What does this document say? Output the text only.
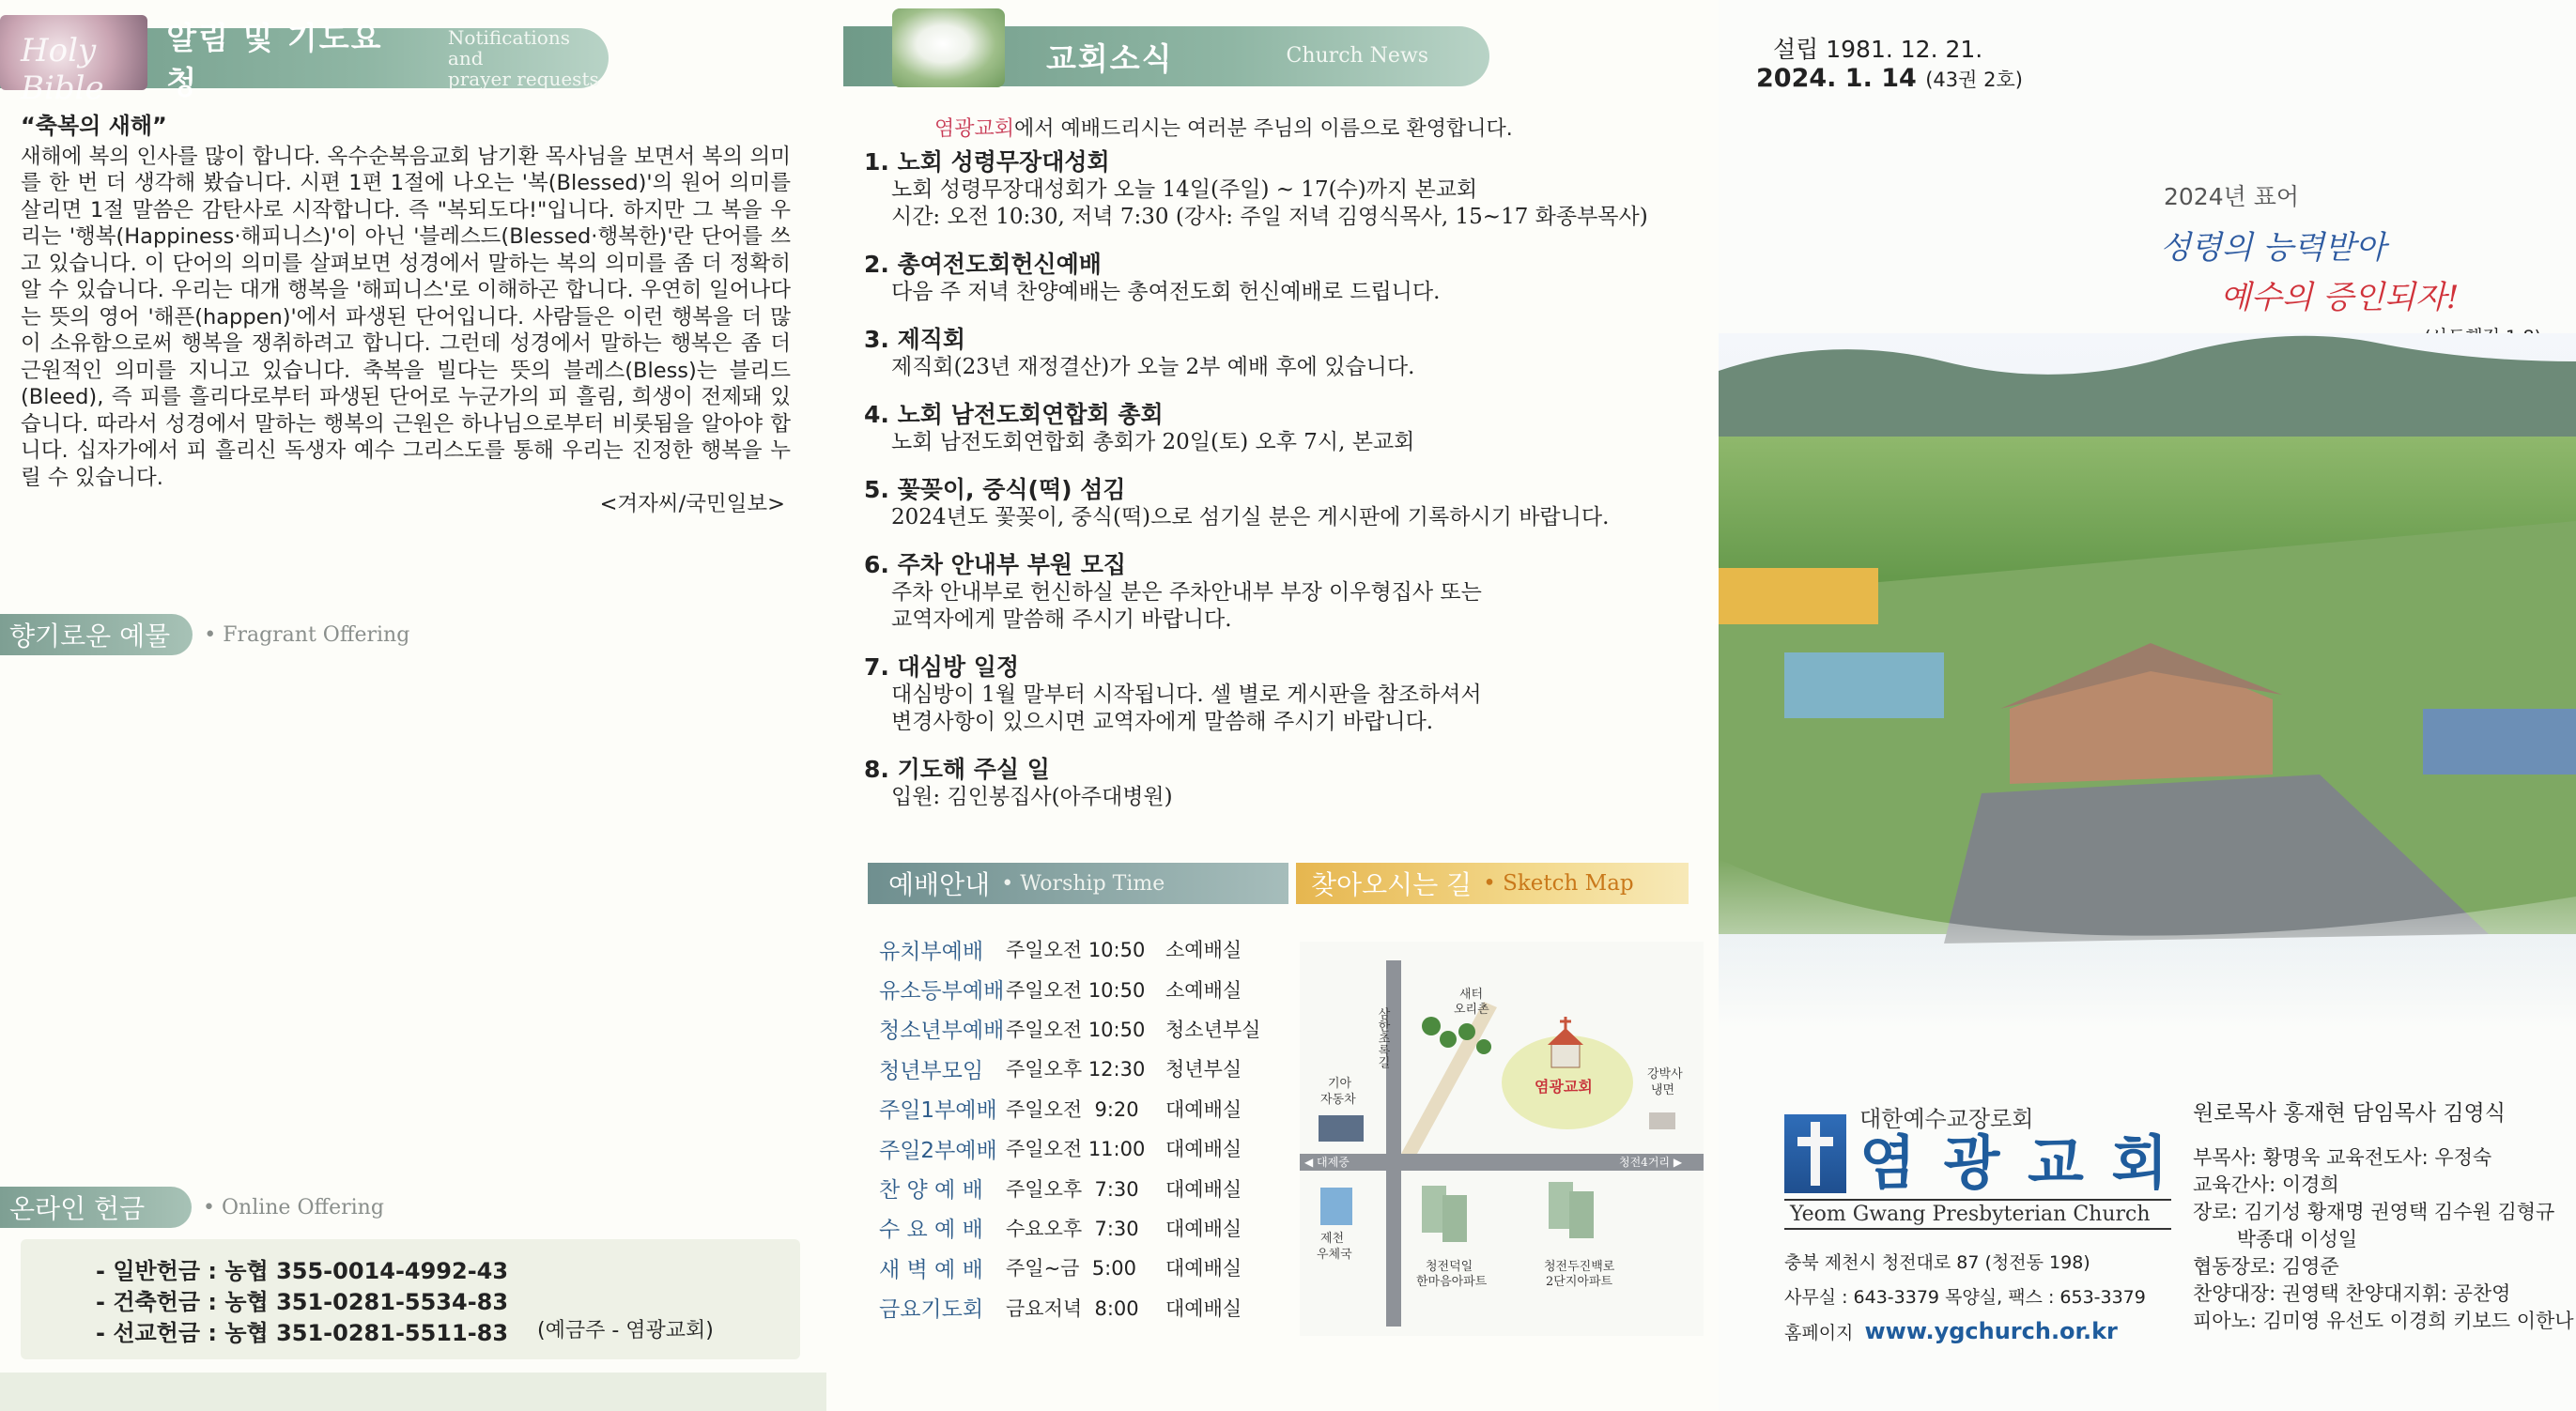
Holy Bible
알림 및 기도요청
Notifications and
prayer requests
“축복의 새해”
새해에 복의 인사를 많이 합니다. 옥수순복음교회 남기환 목사님을 보면서 복의 의미를 한 번 더 생각해 봤습니다. 시편 1편 1절에 나오는 '복(Blessed)'의 원어 의미를 살리면 1절 말씀은 감탄사로 시작합니다. 즉 "복되도다!"입니다. 하지만 그 복을 우리는 '행복(Happiness·해피니스)'이 아닌 '블레스드(Blessed·행복한)'란 단어를 쓰고 있습니다. 이 단어의 의미를 살펴보면 성경에서 말하는 복의 의미를 좀 더 정확히 알 수 있습니다. 우리는 대개 행복을 '해피니스'로 이해하곤 합니다. 우연히 일어나다는 뜻의 영어 '해픈(happen)'에서 파생된 단어입니다. 사람들은 이런 행복을 더 많이 소유함으로써 행복을 쟁취하려고 합니다. 그런데 성경에서 말하는 행복은 좀 더 근원적인 의미를 지니고 있습니다. 축복을 빌다는 뜻의 블레스(Bless)는 블리드(Bleed), 즉 피를 흘리다로부터 파생된 단어로 누군가의 피 흘림, 희생이 전제돼 있습니다. 따라서 성경에서 말하는 행복의 근원은 하나님으로부터 비롯됨을 알아야 합니다. 십자가에서 피 흘리신 독생자 예수 그리스도를 통해 우리는 진정한 행복을 누릴 수 있습니다.
<겨자씨/국민일보>
향기로운 예물	• Fragrant Offering
온라인 헌금	• Online Offering
- 일반헌금 : 농협 355-0014-4992-43
- 건축헌금 : 농협 351-0281-5534-83
- 선교헌금 : 농협 351-0281-5511-83 (예금주 - 염광교회)
교회소식	Church News
염광교회에서 예배드리시는 여러분 주님의 이름으로 환영합니다.
1. 노회 성령무장대성회
노회 성령무장대성회가 오늘 14일(주일) ~ 17(수)까지 본교회
시간: 오전 10:30, 저녁 7:30 (강사: 주일 저녁 김영식목사, 15~17 화종부목사)
2. 총여전도회헌신예배
다음 주 저녁 찬양예배는 총여전도회 헌신예배로 드립니다.
3. 제직회
제직회(23년 재정결산)가 오늘 2부 예배 후에 있습니다.
4. 노회 남전도회연합회 총회
노회 남전도회연합회 총회가 20일(토) 오후 7시, 본교회
5. 꽃꽂이, 중식(떡) 섬김
2024년도 꽃꽂이, 중식(떡)으로 섬기실 분은 게시판에 기록하시기 바랍니다.
6. 주차 안내부 부원 모집
주차 안내부로 헌신하실 분은 주차안내부 부장 이우형집사 또는
교역자에게 말씀해 주시기 바랍니다.
7. 대심방 일정
대심방이 1월 말부터 시작됩니다. 셀 별로 게시판을 참조하셔서
변경사항이 있으시면 교역자에게 말씀해 주시기 바랍니다.
8. 기도해 주실 일
입원: 김인봉집사(아주대병원)
예배안내	• Worship Time	찾아오시는 길	• Sketch Map
유치부예배	주일오전 10:50	소예배실
유소등부예배 주일오전 10:50	소예배실
청소년부예배 주일오전 10:50	청소년부실
청년부모임	주일오후 12:30	청년부실
주일1부예배 주일오전  9:20	대예배실
주일2부예배 주일오전 11:00	대예배실
찬 양 예 배	주일오후  7:30	대예배실
수 요 예 배	수요오후  7:30	대예배실
새 벽 예 배	주일~금  5:00	대예배실
금요기도회	금요저녁  8:00	대예배실
삼한초록길
◀ 대제중	청전4거리 ▶
새터
오리촌
염광교회
기아
자동차
강박사
냉면
제천
우체국
청전덕일
한마음아파트
청전두진백로
2단지아파트
설립 1981. 12. 21.
2024. 1. 14 (43권 2호)
2024년 표어
성령의 능력받아
예수의 증인되자!
대한예수교장로회
염 광 교 회
Yeom Gwang Presbyterian Church
충북 제천시 청전대로 87 (청전동 198)
사무실 : 643-3379 목양실, 팩스 : 653-3379
홈페이지 www.ygchurch.or.kr
원로목사 홍재현 담임목사 김영식
부목사: 황명욱 교육전도사: 우정숙
교육간사: 이경희
장로: 김기성 황재명 권영택 김수원 김형규
박종대 이성일
협동장로: 김영준
찬양대장: 권영택 찬양대지휘: 공찬영
피아노: 김미영 유선도 이경희 키보드 이한나
